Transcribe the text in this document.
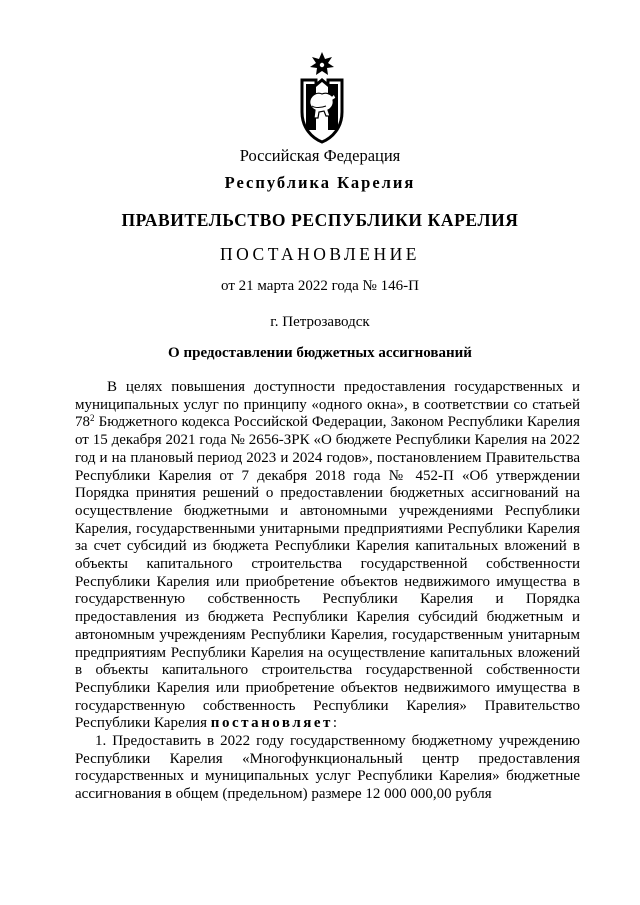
Российская Федерация
Республика Карелия
ПРАВИТЕЛЬСТВО РЕСПУБЛИКИ КАРЕЛИЯ
ПОСТАНОВЛЕНИЕ
от 21 марта 2022 года № 146-П
г. Петрозаводск
О предоставлении бюджетных ассигнований

В целях повышения доступности предоставления государственных и муниципальных услуг по принципу «одного окна», в соответствии со статьей $78^2$ Бюджетного кодекса Российской Федерации, Законом Республики Карелия от 15 декабря 2021 года № 2656-ЗРК «О бюджете Республики Карелия на 2022 год и на плановый период 2023 и 2024 годов», постановлением Правительства Республики Карелия от 7 декабря 2018 года № 452-П «Об утверждении Порядка принятия решений о предоставлении бюджетных ассигнований на осуществление бюджетными и автономными учреждениями Республики Карелия, государственными унитарными предприятиями Республики Карелия за счет субсидий из бюджета Республики Карелия капитальных вложений в объекты капитального строительства государственной собственности Республики Карелия или приобретение объектов недвижимого имущества в государственную собственность Республики Карелия и Порядка предоставления из бюджета Республики Карелия субсидий бюджетным и автономным учреждениям Республики Карелия, государственным унитарным предприятиям Республики Карелия на осуществление капитальных вложений в объекты капитального строительства государственной собственности Республики Карелия или приобретение объектов недвижимого имущества в государственную собственность Республики Карелия» Правительство Республики Карелия постановляет:

1. Предоставить в 2022 году государственному бюджетному учреждению Республики Карелия «Многофункциональный центр предоставления государственных и муниципальных услуг Республики Карелия» бюджетные ассигнования в общем (предельном) размере 12 000 000,00 рубля
